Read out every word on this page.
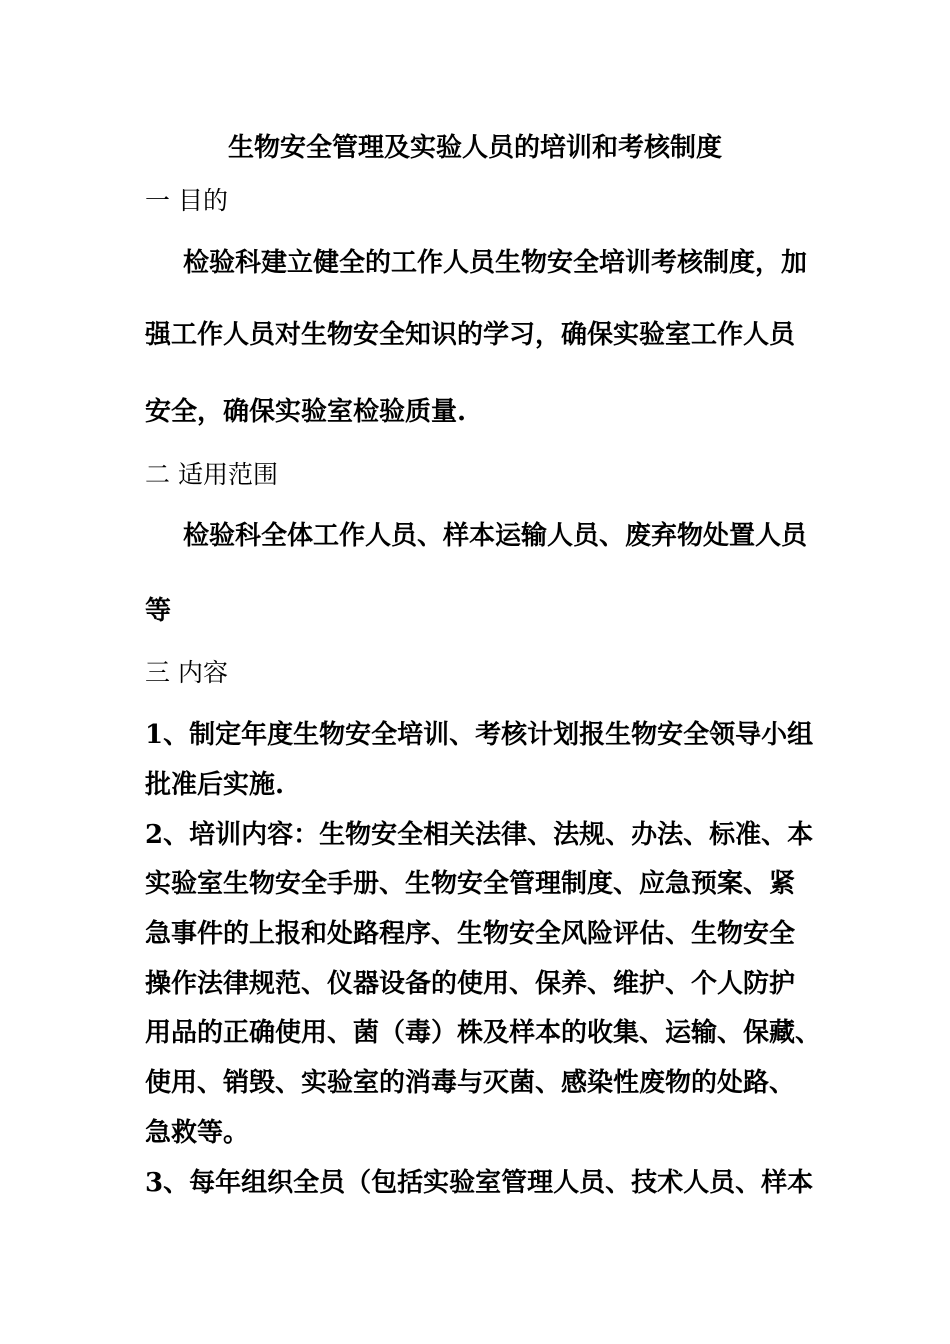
生物安全管理及实验人员的培训和考核制度
一 目的
检验科建立健全的工作人员生物安全培训考核制度，加
强工作人员对生物安全知识的学习，确保实验室工作人员
安全，确保实验室检验质量.
二 适用范围
检验科全体工作人员、样本运输人员、废弃物处置人员
等
三 内容
1、制定年度生物安全培训、考核计划报生物安全领导小组
批准后实施.
2、培训内容：生物安全相关法律、法规、办法、标准、本
实验室生物安全手册、生物安全管理制度、应急预案、紧
急事件的上报和处路程序、生物安全风险评估、生物安全
操作法律规范、仪器设备的使用、保养、维护、个人防护
用品的正确使用、菌（毒）株及样本的收集、运输、保藏、
使用、销毁、实验室的消毒与灭菌、感染性废物的处路、
急救等。
3、每年组织全员（包括实验室管理人员、技术人员、样本
